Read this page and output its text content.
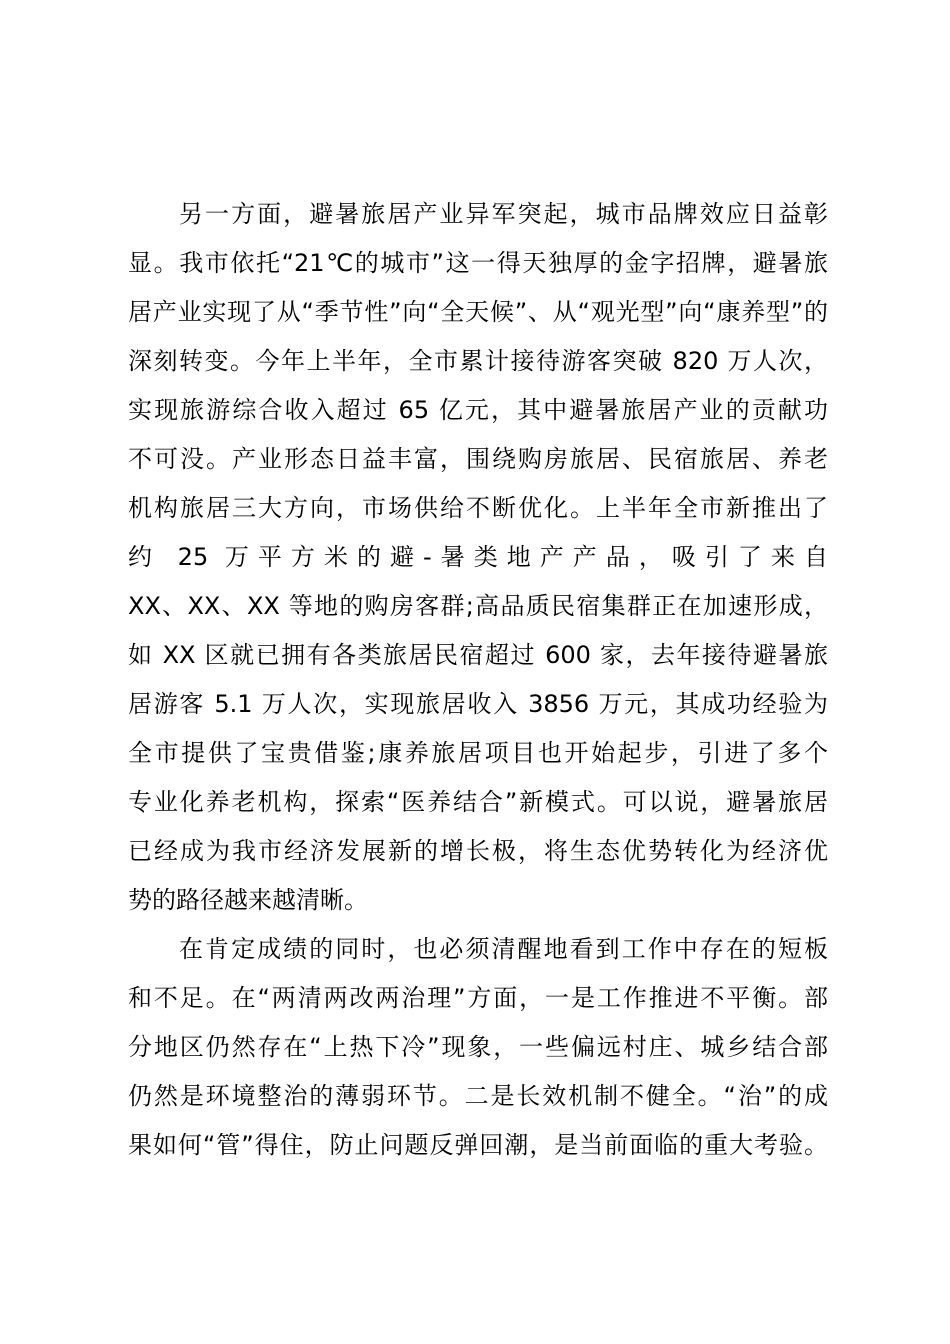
另一方面，避暑旅居产业异军突起，城市品牌效应日益彰
显。我市依托“21℃的城市”这一得天独厚的金字招牌，避暑旅
居产业实现了从“季节性”向“全天候”、从“观光型”向“康养型”的
深刻转变。今年上半年，全市累计接待游客突破 820 万人次，
实现旅游综合收入超过 65 亿元，其中避暑旅居产业的贡献功
不可没。产业形态日益丰富，围绕购房旅居、民宿旅居、养老
机构旅居三大方向，市场供给不断优化。上半年全市新推出了
约 25 万平方米的避-暑类地产产品，吸引了来自
XX、XX、XX 等地的购房客群;高品质民宿集群正在加速形成，
如 XX 区就已拥有各类旅居民宿超过 600 家，去年接待避暑旅
居游客 5.1 万人次，实现旅居收入 3856 万元，其成功经验为
全市提供了宝贵借鉴;康养旅居项目也开始起步，引进了多个
专业化养老机构，探索“医养结合”新模式。可以说，避暑旅居
已经成为我市经济发展新的增长极，将生态优势转化为经济优
势的路径越来越清晰。
在肯定成绩的同时，也必须清醒地看到工作中存在的短板
和不足。在“两清两改两治理”方面，一是工作推进不平衡。部
分地区仍然存在“上热下冷”现象，一些偏远村庄、城乡结合部
仍然是环境整治的薄弱环节。二是长效机制不健全。“治”的成
果如何“管”得住，防止问题反弹回潮，是当前面临的重大考验。
